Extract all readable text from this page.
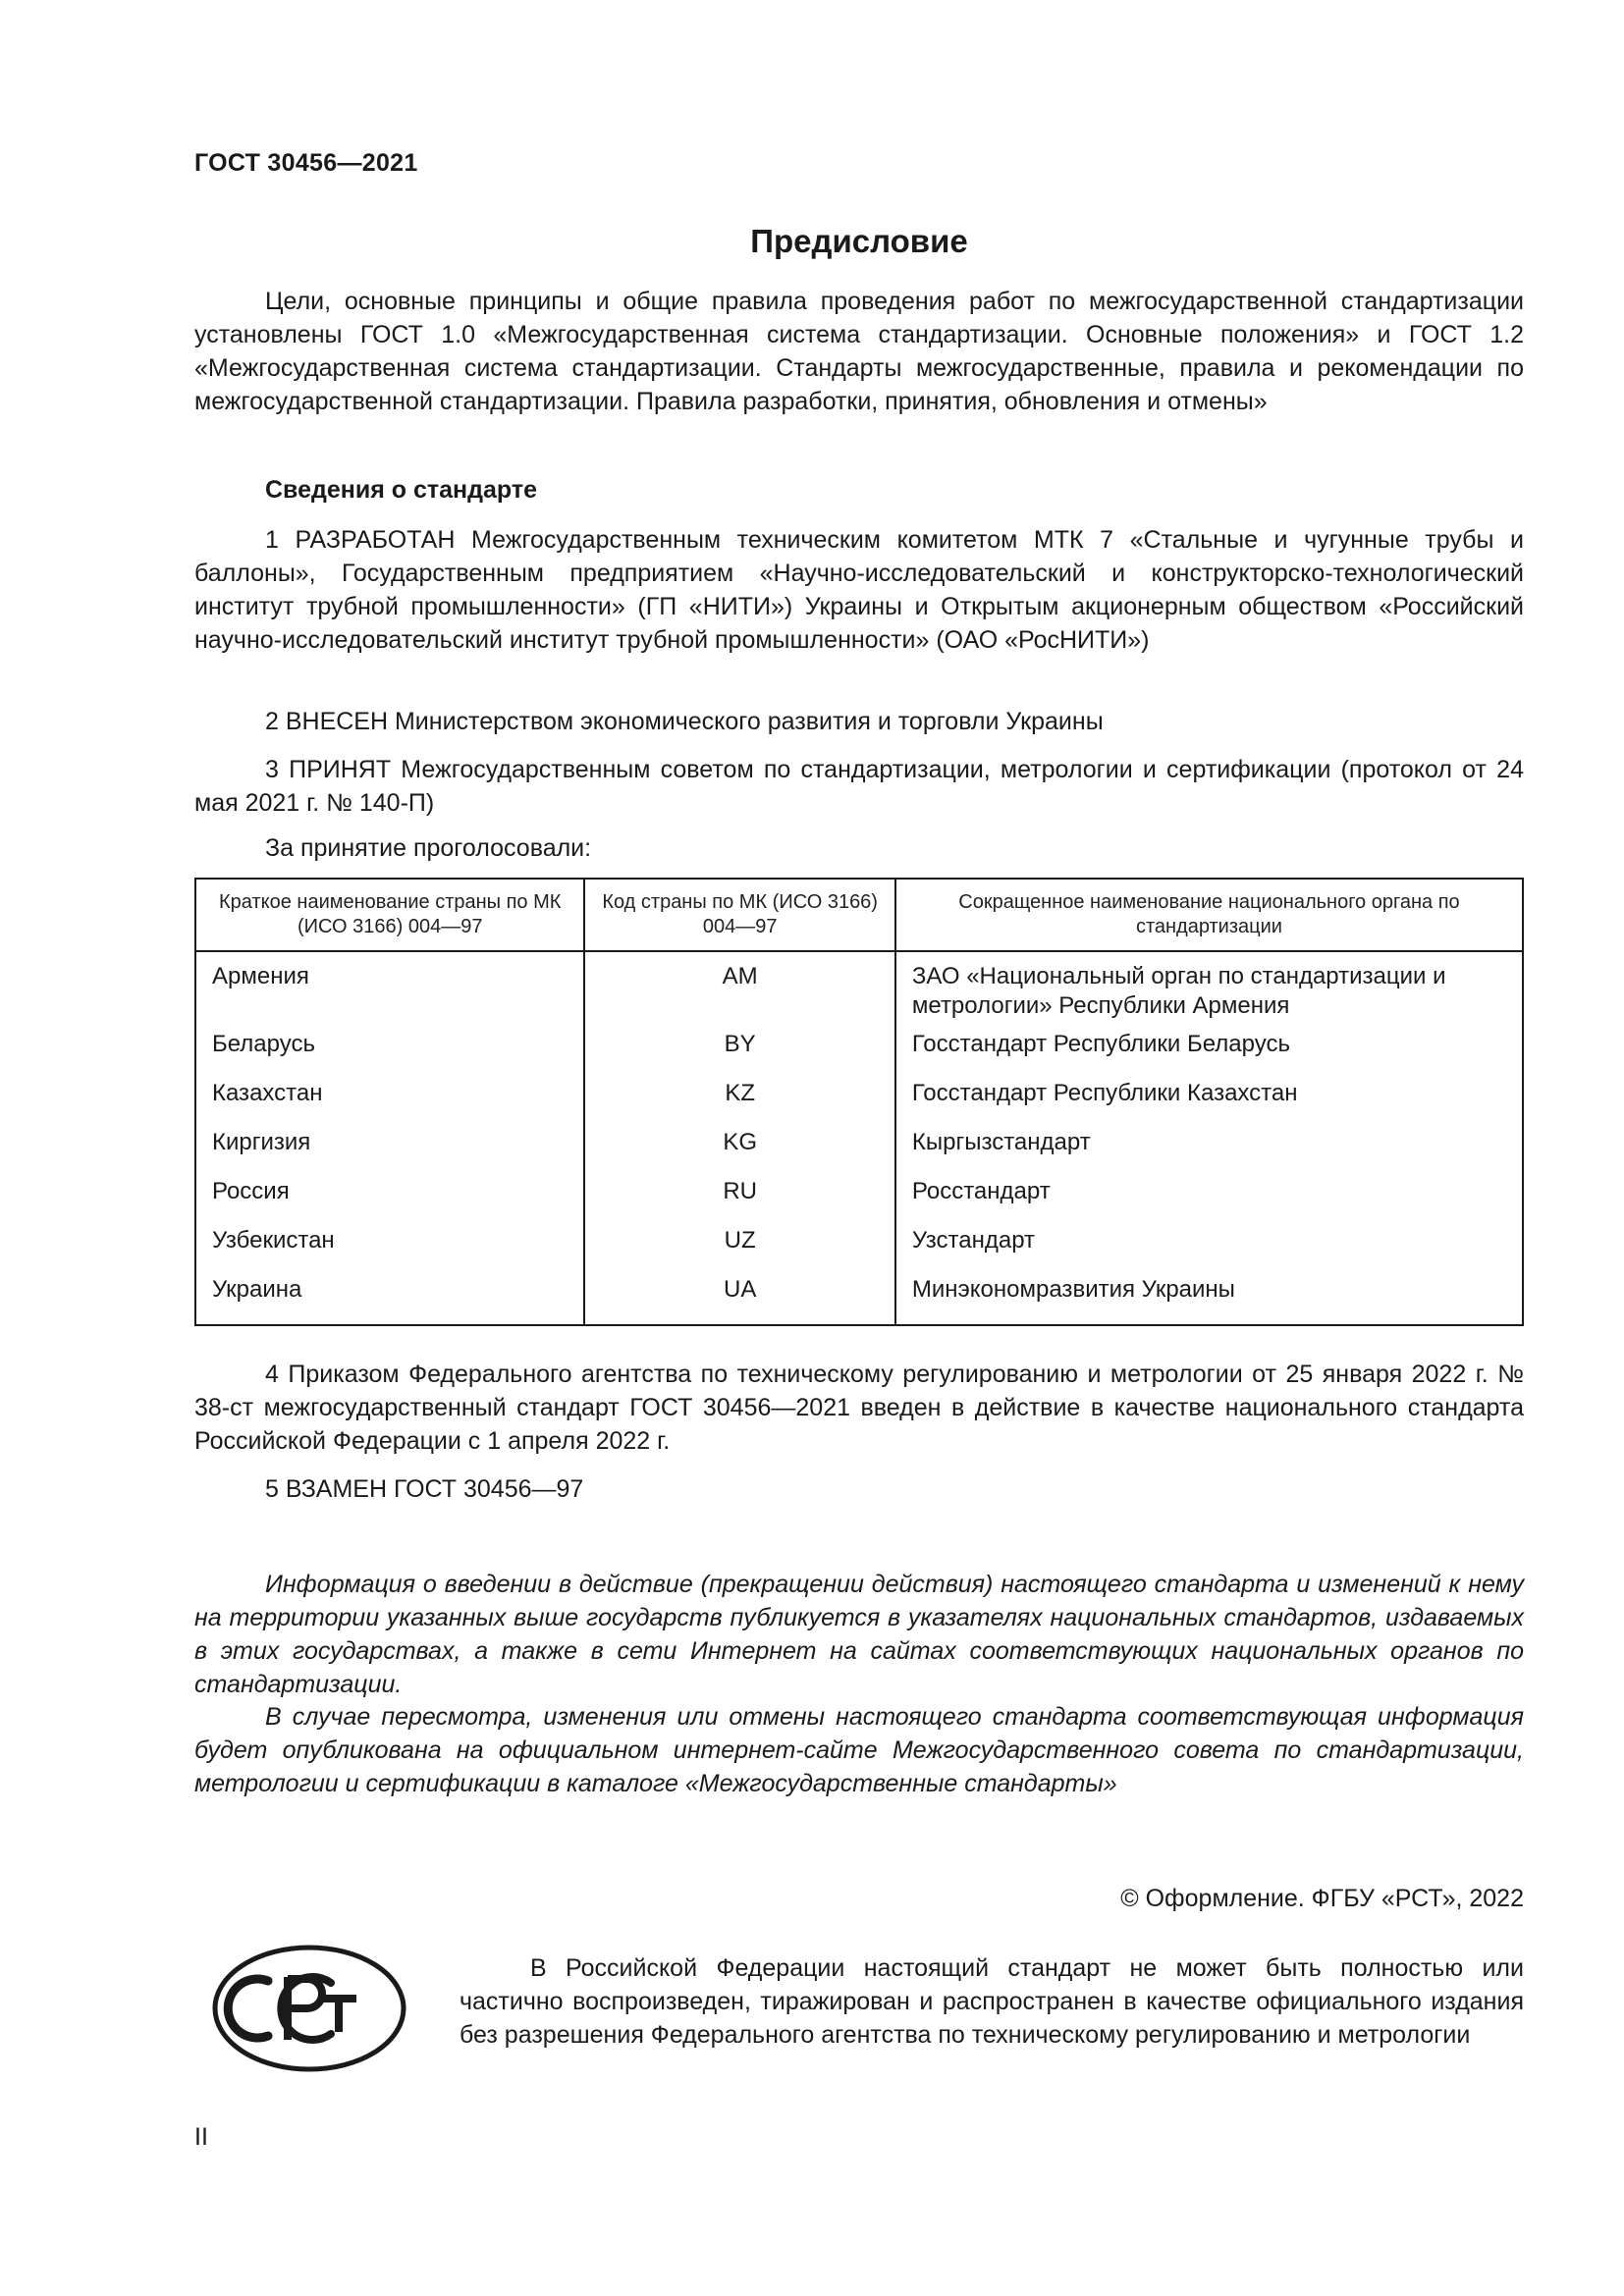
ГОСТ 30456—2021
Предисловие
Цели, основные принципы и общие правила проведения работ по межгосударственной стандартизации установлены ГОСТ 1.0 «Межгосударственная система стандартизации. Основные положения» и ГОСТ 1.2 «Межгосударственная система стандартизации. Стандарты межгосударственные, правила и рекомендации по межгосударственной стандартизации. Правила разработки, принятия, обновления и отмены»
Сведения о стандарте
1 РАЗРАБОТАН Межгосударственным техническим комитетом МТК 7 «Стальные и чугунные трубы и баллоны», Государственным предприятием «Научно-исследовательский и конструкторско-технологический институт трубной промышленности» (ГП «НИТИ») Украины и Открытым акционерным обществом «Российский научно-исследовательский институт трубной промышленности» (ОАО «РосНИТИ»)
2 ВНЕСЕН Министерством экономического развития и торговли Украины
3 ПРИНЯТ Межгосударственным советом по стандартизации, метрологии и сертификации (протокол от 24 мая 2021 г. № 140-П)
За принятие проголосовали:
Краткое наименование страны по МК (ИСО 3166) 004—97	Код страны по МК (ИСО 3166) 004—97	Сокращенное наименование национального органа по стандартизации
Армения	AM	ЗАО «Национальный орган по стандартизации и метрологии» Республики Армения
Беларусь	BY	Госстандарт Республики Беларусь
Казахстан	KZ	Госстандарт Республики Казахстан
Киргизия	KG	Кыргызстандарт
Россия	RU	Росстандарт
Узбекистан	UZ	Узстандарт
Украина	UA	Минэкономразвития Украины
4 Приказом Федерального агентства по техническому регулированию и метрологии от 25 января 2022 г. № 38-ст межгосударственный стандарт ГОСТ 30456—2021 введен в действие в качестве национального стандарта Российской Федерации с 1 апреля 2022 г.
5 ВЗАМЕН ГОСТ 30456—97
Информация о введении в действие (прекращении действия) настоящего стандарта и изменений к нему на территории указанных выше государств публикуется в указателях национальных стандартов, издаваемых в этих государствах, а также в сети Интернет на сайтах соответствующих национальных органов по стандартизации.
В случае пересмотра, изменения или отмены настоящего стандарта соответствующая информация будет опубликована на официальном интернет-сайте Межгосударственного совета по стандартизации, метрологии и сертификации в каталоге «Межгосударственные стандарты»
© Оформление. ФГБУ «РСТ», 2022
В Российской Федерации настоящий стандарт не может быть полностью или частично воспроизведен, тиражирован и распространен в качестве официального издания без разрешения Федерального агентства по техническому регулированию и метрологии
II
